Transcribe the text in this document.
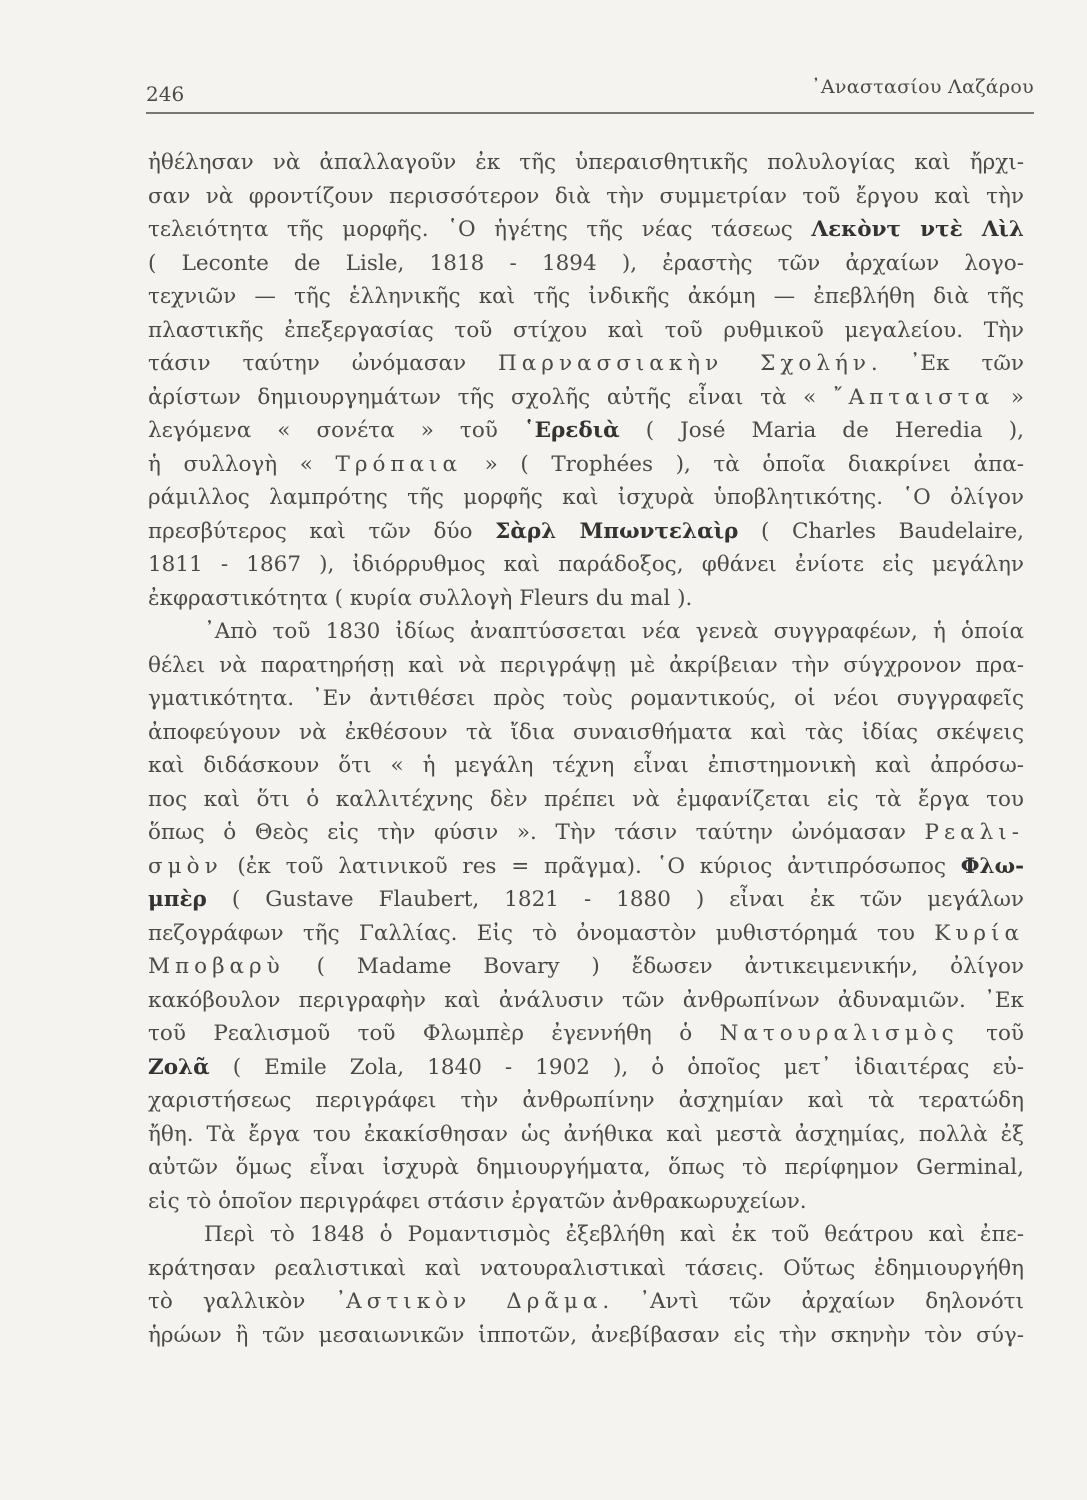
246	᾽Αναστασίου Λαζάρου
ἠθέλησαν νὰ ἀπαλλαγοῦν ἐκ τῆς ὑπεραισθητικῆς πολυλογίας καὶ ἤρχι-
σαν νὰ φροντίζουν περισσότερον διὰ τὴν συμμετρίαν τοῦ ἔργου καὶ τὴν
τελειότητα τῆς μορφῆς. ῾Ο ἡγέτης τῆς νέας τάσεως Λεκὸντ ντὲ Λὶλ
( Leconte de Lisle, 1818 - 1894 ), ἐραστὴς τῶν ἀρχαίων λογο-
τεχνιῶν — τῆς ἑλληνικῆς καὶ τῆς ἰνδικῆς ἀκόμη — ἐπεβλήθη διὰ τῆς
πλαστικῆς ἐπεξεργασίας τοῦ στίχου καὶ τοῦ ρυθμικοῦ μεγαλείου. Τὴν
τάσιν ταύτην ὠνόμασαν Παρνασσιακὴν Σχολήν. ᾽Εκ τῶν
ἀρίστων δημιουργημάτων τῆς σχολῆς αὐτῆς εἶναι τὰ « ῎Απταιστα »
λεγόμενα « σονέτα » τοῦ ῾Ερεδιὰ ( José Maria de Heredia ),
ἡ συλλογὴ « Τρόπαια » ( Trophées ), τὰ ὁποῖα διακρίνει ἀπα-
ράμιλλος λαμπρότης τῆς μορφῆς καὶ ἰσχυρὰ ὑποβλητικότης. ῾Ο ὀλίγον
πρεσβύτερος καὶ τῶν δύο Σὰρλ Μπωντελαὶρ ( Charles Baudelaire,
1811 - 1867 ), ἰδιόρρυθμος καὶ παράδοξος, φθάνει ἐνίοτε εἰς μεγάλην
ἐκφραστικότητα ( κυρία συλλογὴ Fleurs du mal ).
᾽Απὸ τοῦ 1830 ἰδίως ἀναπτύσσεται νέα γενεὰ συγγραφέων, ἡ ὁποία
θέλει νὰ παρατηρήσῃ καὶ νὰ περιγράψῃ μὲ ἀκρίβειαν τὴν σύγχρονον πρα-
γματικότητα. ᾽Εν ἀντιθέσει πρὸς τοὺς ρομαντικούς, οἱ νέοι συγγραφεῖς
ἀποφεύγουν νὰ ἐκθέσουν τὰ ἴδια συναισθήματα καὶ τὰς ἰδίας σκέψεις
καὶ διδάσκουν ὅτι « ἡ μεγάλη τέχνη εἶναι ἐπιστημονικὴ καὶ ἀπρόσω-
πος καὶ ὅτι ὁ καλλιτέχνης δὲν πρέπει νὰ ἐμφανίζεται εἰς τὰ ἔργα του
ὅπως ὁ Θεὸς εἰς τὴν φύσιν ». Τὴν τάσιν ταύτην ὠνόμασαν Ρεαλι-
σμὸν (ἐκ τοῦ λατινικοῦ res = πρᾶγμα). ῾Ο κύριος ἀντιπρόσωπος Φλω-
μπὲρ ( Gustave Flaubert, 1821 - 1880 ) εἶναι ἐκ τῶν μεγάλων
πεζογράφων τῆς Γαλλίας. Εἰς τὸ ὀνομαστὸν μυθιστόρημά του Κυρία
Μποβαρὺ ( Madame Bovary ) ἔδωσεν ἀντικειμενικήν, ὀλίγον
κακόβουλον περιγραφὴν καὶ ἀνάλυσιν τῶν ἀνθρωπίνων ἀδυναμιῶν. ᾽Εκ
τοῦ Ρεαλισμοῦ τοῦ Φλωμπὲρ ἐγεννήθη ὁ Νατουραλισμὸς τοῦ
Ζολᾶ ( Emile Zola, 1840 - 1902 ), ὁ ὁποῖος μετ᾽ ἰδιαιτέρας εὐ-
χαριστήσεως περιγράφει τὴν ἀνθρωπίνην ἀσχημίαν καὶ τὰ τερατώδη
ἤθη. Τὰ ἔργα του ἐκακίσθησαν ὡς ἀνήθικα καὶ μεστὰ ἀσχημίας, πολλὰ ἐξ
αὐτῶν ὅμως εἶναι ἰσχυρὰ δημιουργήματα, ὅπως τὸ περίφημον Germinal,
εἰς τὸ ὁποῖον περιγράφει στάσιν ἐργατῶν ἀνθρακωρυχείων.
Περὶ τὸ 1848 ὁ Ρομαντισμὸς ἐξεβλήθη καὶ ἐκ τοῦ θεάτρου καὶ ἐπε-
κράτησαν ρεαλιστικαὶ καὶ νατουραλιστικαὶ τάσεις. Οὕτως ἐδημιουργήθη
τὸ γαλλικὸν ᾽Αστικὸν Δρᾶμα. ᾽Αντὶ τῶν ἀρχαίων δηλονότι
ἡρώων ἢ τῶν μεσαιωνικῶν ἱπποτῶν, ἀνεβίβασαν εἰς τὴν σκηνὴν τὸν σύγ-
